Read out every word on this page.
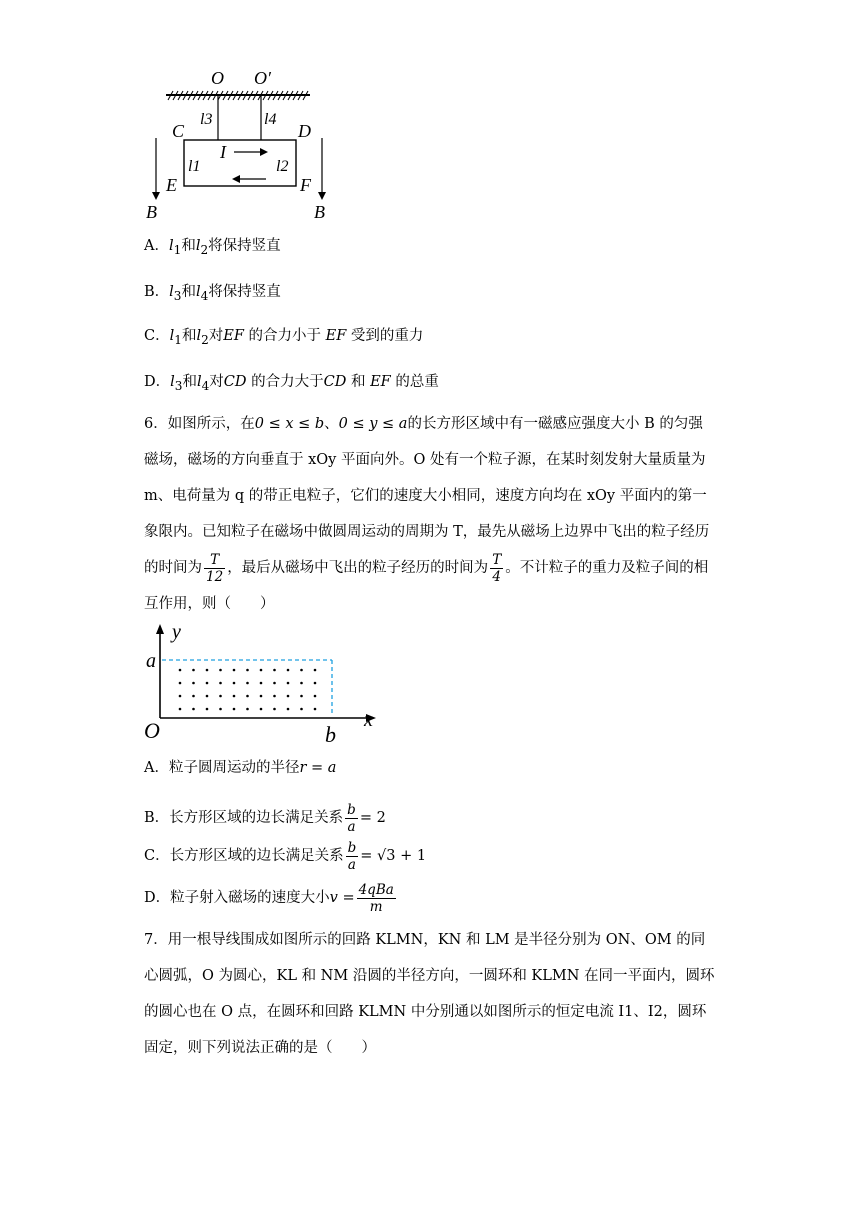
O O′
l3	l4
C	D
I
l1	l2
E	F
B	B
A．$l_1$和$l_2$将保持竖直
B．$l_3$和$l_4$将保持竖直
C．$l_1$和$l_2$对EF 的合力小于 EF 受到的重力
D．$l_3$和$l_4$对CD 的合力大于CD 和 EF 的总重
6．如图所示，在0 ≤ x ≤ b、0 ≤ y ≤ a的长方形区域中有一磁感应强度大小 B 的匀强磁场，磁场的方向垂直于 xOy 平面向外。O 处有一个粒子源，在某时刻发射大量质量为 m、电荷量为 q 的带正电粒子，它们的速度大小相同，速度方向均在 xOy 平面内的第一象限内。已知粒子在磁场中做圆周运动的周期为 T，最先从磁场上边界中飞出的粒子经历的时间为 $\frac{T}{12}$ ，最后从磁场中飞出的粒子经历的时间为 $\frac{T}{4}$ 。不计粒子的重力及粒子间的相互作用，则（　　）
y
x
a
O	b
A．粒子圆周运动的半径r = a
B．长方形区域的边长满足关系 $\frac{b}{a} = 2$
C．长方形区域的边长满足关系 $\frac{b}{a} = √3 + 1$
D．粒子射入磁场的速度大小$v = \frac{\text{4qBa}}{m}$
7．用一根导线围成如图所示的回路 KLMN，KN 和 LM 是半径分别为 ON、OM 的同心圆弧，O 为圆心，KL 和 NM 沿圆的半径方向，一圆环和 KLMN 在同一平面内，圆环的圆心也在 O 点，在圆环和回路 KLMN 中分别通以如图所示的恒定电流 I1、I2，圆环固定，则下列说法正确的是（　　）
